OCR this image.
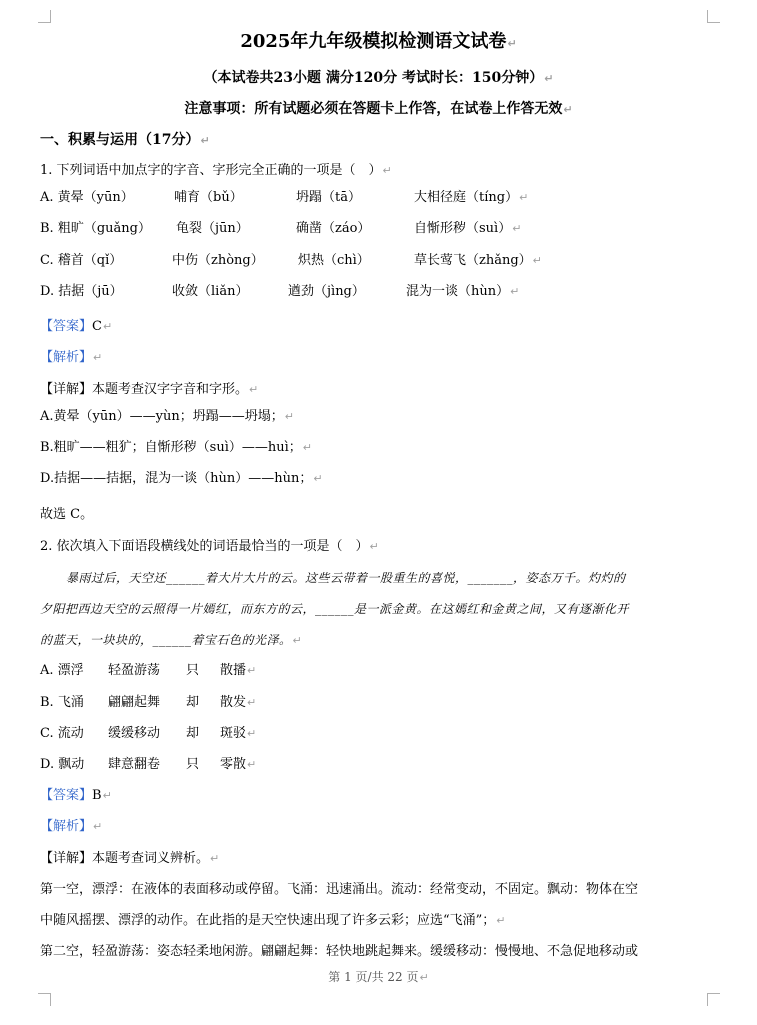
2025年九年级模拟检测语文试卷↵
（本试卷共23小题 满分120分 考试时长：150分钟）↵
注意事项：所有试题必须在答题卡上作答，在试卷上作答无效↵
一、积累与运用（17分）↵
1. 下列词语中加点字的字音、字形完全正确的一项是（　）↵
A. 黄晕（yūn）	哺育（bǔ）	坍蹋（tā）	大相径庭（tíng）↵
B. 粗旷（guǎng） 龟裂（jūn）	确凿（záo）	自惭形秽（suì）↵
C. 稽首（qǐ）	中伤（zhòng）	炽热（chì）	草长莺飞（zhǎng）↵
D. 拮据（jū）	收敛（liǎn）	遒劲（jìng）	混为一谈（hùn）↵
【答案】C↵
【解析】↵
【详解】本题考查汉字字音和字形。↵
A.黄晕（yūn）——yùn；坍蹋——坍塌；↵
B.粗旷——粗犷；自惭形秽（suì）——huì；↵
D.拮据——拮据，混为一谈（hùn）——hùn；↵
故选 C。
2. 依次填入下面语段横线处的词语最恰当的一项是（　）↵
暴雨过后，天空还______着大片大片的云。这些云带着一股重生的喜悦，_______，姿态万千。灼灼的
夕阳把西边天空的云照得一片嫣红，而东方的云，______是一派金黄。在这嫣红和金黄之间，又有逐渐化开
的蓝天，一块块的，______着宝石色的光泽。↵
A. 漂浮 轻盈游荡 只 散播↵
B. 飞涌 翩翩起舞 却 散发↵
C. 流动 缓缓移动 却 斑驳↵
D. 飘动 肆意翻卷 只 零散↵
【答案】B↵
【解析】↵
【详解】本题考查词义辨析。↵
第一空，漂浮：在液体的表面移动或停留。飞涌：迅速涌出。流动：经常变动，不固定。飘动：物体在空
中随风摇摆、漂浮的动作。在此指的是天空快速出现了许多云彩；应选“飞涌”；↵
第二空，轻盈游荡：姿态轻柔地闲游。翩翩起舞：轻快地跳起舞来。缓缓移动：慢慢地、不急促地移动或
第 1 页/共 22 页↵
